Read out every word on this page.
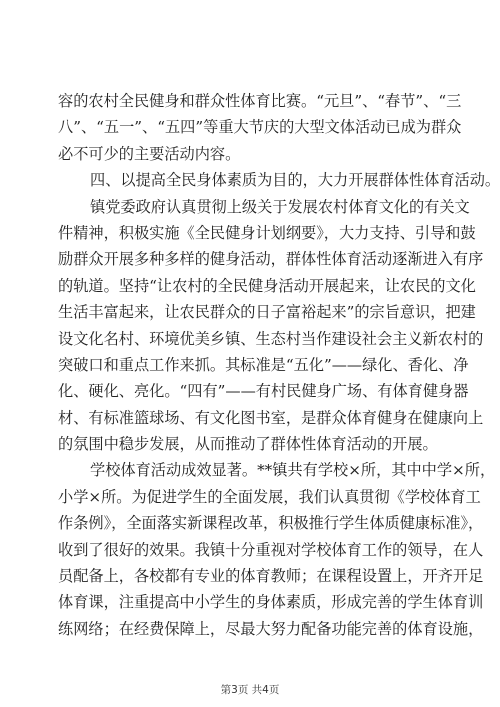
容的农村全民健身和群众性体育比赛。“元旦”、“春节”、“三
八”、“五一”、“五四”等重大节庆的大型文体活动已成为群众
必不可少的主要活动内容。
四、以提高全民身体素质为目的，大力开展群体性体育活动。
镇党委政府认真贯彻上级关于发展农村体育文化的有关文
件精神，积极实施《全民健身计划纲要》，大力支持、引导和鼓
励群众开展多种多样的健身活动，群体性体育活动逐渐进入有序
的轨道。坚持“让农村的全民健身活动开展起来，让农民的文化
生活丰富起来，让农民群众的日子富裕起来”的宗旨意识，把建
设文化名村、环境优美乡镇、生态村当作建设社会主义新农村的
突破口和重点工作来抓。其标准是“五化”——绿化、香化、净
化、硬化、亮化。“四有”——有村民健身广场、有体育健身器
材、有标准篮球场、有文化图书室，是群众体育健身在健康向上
的氛围中稳步发展，从而推动了群体性体育活动的开展。
学校体育活动成效显著。**镇共有学校×所，其中中学×所，
小学×所。为促进学生的全面发展，我们认真贯彻《学校体育工
作条例》，全面落实新课程改革，积极推行学生体质健康标准》，
收到了很好的效果。我镇十分重视对学校体育工作的领导，在人
员配备上，各校都有专业的体育教师；在课程设置上，开齐开足
体育课，注重提高中小学生的身体素质，形成完善的学生体育训
练网络；在经费保障上，尽最大努力配备功能完善的体育设施，
第3页 共4页
